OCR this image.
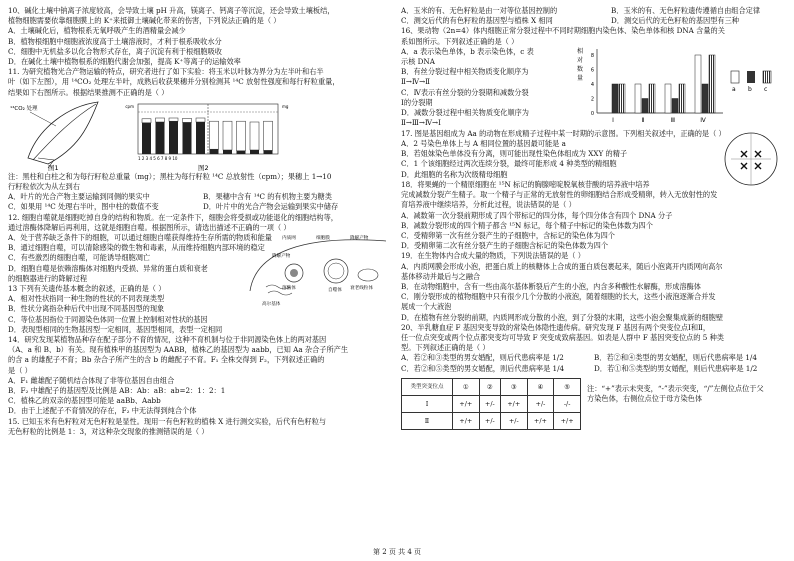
10、碱化土壤中钠离子浓度较高，会导致土壤 pH 升高，镁离子、钙离子等沉淀，还会导致土壤板结，
植物细胞需要依靠细胞膜上的 K⁺来抵御土壤碱化带来的伤害，下列说法正确的是（ ）
A．土壤碱化后，植物根系无氧呼吸产生的酒精量会减少
B．植物根细胞中细胞液浓度高于土壤溶液时，才利于根系吸收水分
C．细胞中无机盐多以化合物形式存在，离子沉淀有利于根细胞吸收
D．在碱化土壤中植物根系的细胞代谢会加强，提高 K⁺等离子的运输效率
11. 为研究植物光合产物运输的特点，研究者进行了如下实验：将玉米以叶脉为界分为左半叶和右半
叶（如下左图），用 ¹⁴CO₂ 处理左半叶，成熟后收获果穗并分别检测其 ¹⁴C 放射性强度和每行籽粒重量，
结果如下右图所示。根据结果推测不正确的是（ ）
¹⁴CO₂ 处理
图1
cpm	mg
1 2 3 4 5 6 7 8 9 10
图2
注：黑柱和白柱之和为每行籽粒总重量（mg）；黑柱为每行籽粒 ¹⁴C 总放射性（cpm）；果穗上 1→10
行籽粒依次为从左到右
A．叶片的光合产物主要运输到同侧的果实中	B．果穗中含有 ¹⁴C 的有机物主要为糖类
C．如果用 ¹⁴C 处理右半叶，图中柱的数值不变	D．叶片中的光合产物会运输到果实中储存
12. 细胞自噬就是细胞吃掉自身的结构和物质。在一定条件下，细胞会将受损或功能退化的细胞结构等，
通过溶酶体降解后再利用，这就是细胞自噬。根据图所示，请选出描述不正确的一项（ ）
A．处于营养缺乏条件下的细胞，可以通过细胞自噬获得维持生存所需的物质和能量
B．通过细胞自噬，可以清除感染的微生物和毒素，从而维持细胞内部环境的稳定
C．有些激烈的细胞自噬，可能诱导细胞凋亡
D．细胞自噬是依赖溶酶体对细胞内受损、异常的蛋白质和衰老
的细胞器进行的降解过程
13 下列有关遗传基本概念的叙述，正确的是（ ）
A．相对性状指同一种生物的性状的不同表现类型
内质网	细胞膜	降解产物
降解产物
溶酶体	自噬体 衰老线粒体
高尔基体
B．性状分离指杂种后代中出现不同基因型的现象
C．等位基因指位于同源染色体同一位置上控制相对性状的基因
D．表现型相同的生物基因型一定相同，基因型相同，表型一定相同
14．研究发现某植物品种存在配子部分不育的情况，这种不育机制与位于非同源染色体上的两对基因
（A、a 和 B、b）有关。现有植株甲的基因型为 AABB，植株乙的基因型为 aabb，已知 Aa 杂合子所产生
的含 a 的雄配子不育；Bb 杂合子所产生的含 b 的雌配子不育。F₁ 全株交得到 F₂，下列叙述正确的
是（ ）
A．F₁ 雌雄配子随机结合体现了非等位基因自由组合
B．F₂ 中雄配子的基因型及比例是 AB：Ab：aB：ab=2：1：2：1
C．植株乙的双亲的基因型可能是 aaBb、Aabb
D．由于上述配子不育情况的存在，F₂ 中无法得到纯合个体
15. 已知玉米有色籽粒对无色籽粒是显性。现用一有色籽粒的植株 X 进行测交实验，后代有色籽粒与
无色籽粒的比例是 1：3，对这种杂交现象的推测错误的是（ ）
A．玉米的有、无色籽粒是由一对等位基因控制的	B．玉米的有、无色籽粒遗传遵循自由组合定律
C．测交后代的有色籽粒的基因型与植株 X 相同	D．测交后代的无色籽粒的基因型有三种
16、果动物（2n=4）体内细胞正常分裂过程中不同时期细胞内染色体、染色单体和核 DNA 含量的关
系如图所示。下列叙述正确的是（ ）
A．a 表示染色单体，b 表示染色体，c 表
示核 DNA
B．有丝分裂过程中相关物质变化顺序为
Ⅱ→Ⅳ→Ⅱ
C．Ⅳ表示有丝分裂的分裂期和减数分裂
Ⅰ的分裂期
D．减数分裂过程中相关物质变化顺序为
Ⅱ→Ⅲ→Ⅳ→Ⅰ
相
对
数
量
0
2
4
6
8
Ⅰ	Ⅱ	Ⅲ	Ⅳ
a b c
17. 图是基因组成为 Aa 的动物在形成精子过程中某一时期的示意图。下列相关叙述中，正确的是（ ）
A．2 号染色单体上与 A 相同位置的基因最可能是 a
B．若姐妹染色单体没有分离，则可能出现性染色体组成为 XXY 的精子
C．1 个该细胞经过两次连续分裂，最终可能形成 4 种类型的精细胞
D．此细胞的名称为次级精母细胞
18．将果蝇的一个精原细胞在 ¹⁵N 标记的胸腺嘧啶脱氧核苷酸的培养液中培养
完成减数分裂产生精子。取一个精子与正常的无放射性的卵细胞结合形成受精卵，转入无放射性的发
育培养液中继续培养，分析此过程，说法错误的是（ ）
A．减数第一次分裂前期形成了四个带标记的四分体，每个四分体含有四个 DNA 分子
B．减数分裂形成的四个精子都含 ¹⁵N 标记，每个精子中标记的染色体数为四个
C．受精卵第一次有丝分裂产生的子细胞中，含标记的染色体为四个
D．受精卵第二次有丝分裂产生的子细胞含标记的染色体数为四个
19．在生物体内合成大量的物质，下列说法错误的是（ ）
A．内质网膜会形成小泡，把蛋白质上的核糖体上合成的蛋白质包裹起来，随后小泡离开内质网向高尔
基体移动并最后与之融合
B．在动物细胞中，含有一些由高尔基体断裂后产生的小泡，内含多种酸性水解酶，形成溶酶体
C．刚分裂形成的植物细胞中只有很少几个分散的小液泡，随着细胞的长大，这些小液泡逐渐合并发
展成一个大液泡
D．在植物有丝分裂的前期，内质网形成分散的小泡，到了分裂的末期，这些小泡会聚集成新的细胞壁
20、半乳糖血症 F 基因突变导致的常染色体隐性遗传病。研究发现 F 基因有两个突变位点Ⅰ和Ⅱ，
任一位点突变或两个位点都突变均可导致 F 突变成致病基因。如表是人群中 F 基因突变位点的 5 种类
型。下列叙述正确的是（ ）
A．若②和③类型的男女婚配，则后代患病率是 1/2	B．若②和④类型的男女婚配，则后代患病率是 1/4
C．若②和⑤类型的男女婚配，则后代患病率是 1/4	D．若①和⑤类型的男女婚配，则后代患病率是 1/2
类型突变位点	①	②	③	④	⑤
Ⅰ	+/+	+/-	+/+	+/-	-/-
Ⅱ	+/+	+/-	+/-	+/+	+/+
注：“+”表示未突变，“-”表示突变，“/”左侧位点位于父
方染色体，右侧位点位于母方染色体
第 2 页 共 4 页
